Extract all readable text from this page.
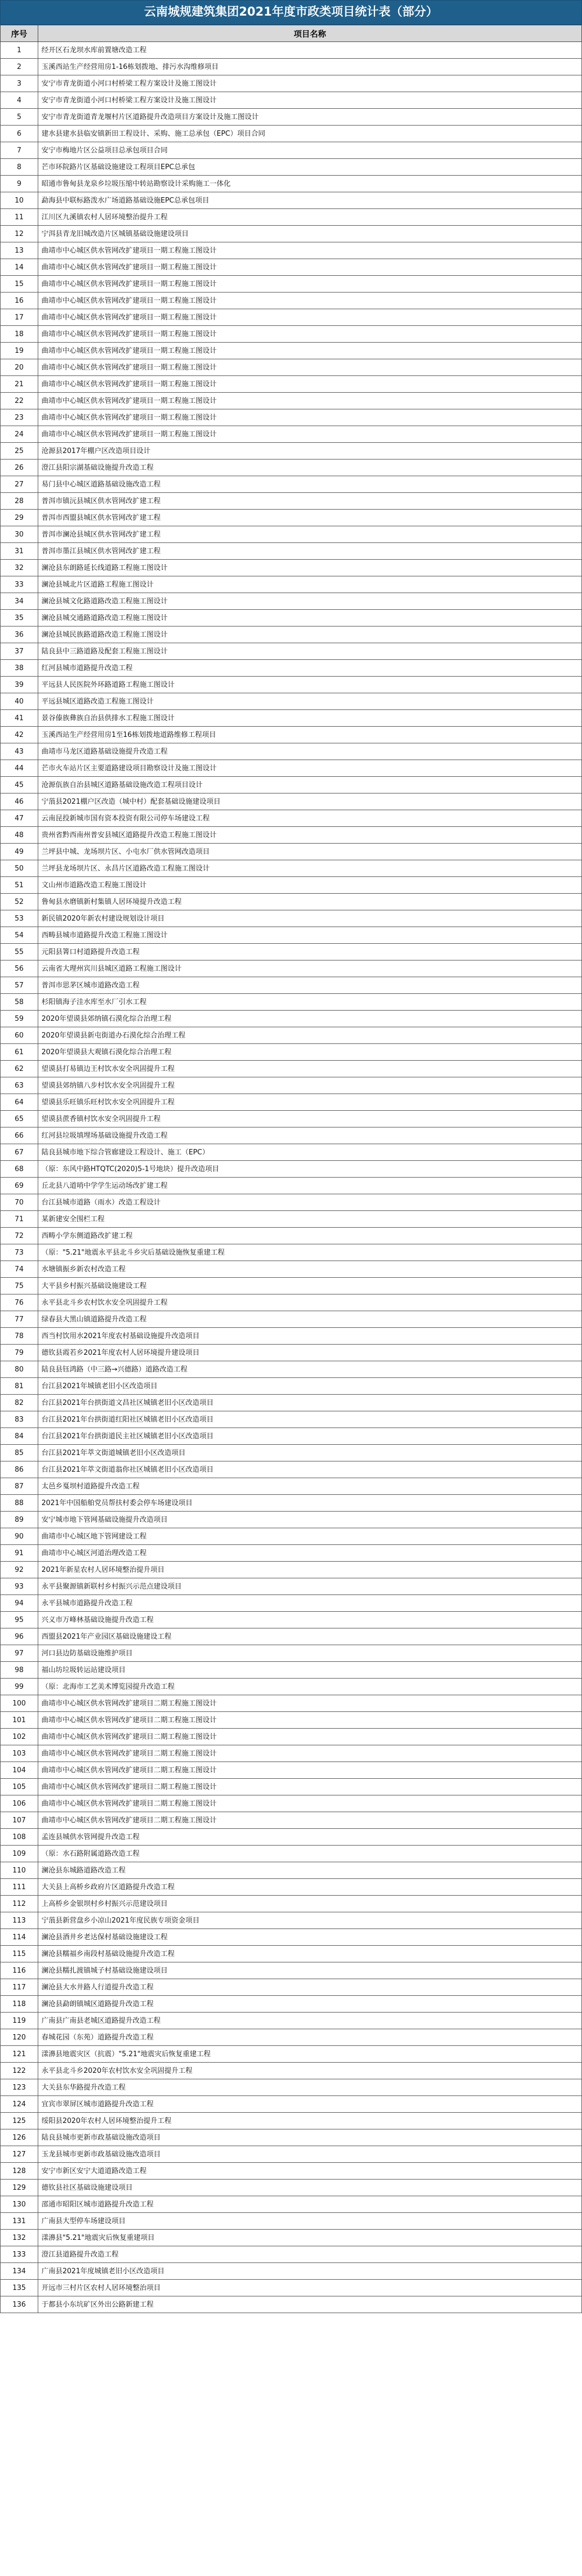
云南城规建筑集团2021年度市政类项目统计表（部分）
序号	项目名称
1	经开区石龙坝水库前置塘改造工程
2	玉溪西站生产经营用房1-16栋划拨地、排污水沟维修项目
3	安宁市青龙街道小河口村桥梁工程方案设计及施工图设计
4	安宁市青龙街道小河口村桥梁工程方案设计及施工图设计
5	安宁市青龙街道青龙堰村片区道路提升改造项目方案设计及施工图设计
6	建水县建水县临安镇新田工程设计、采购、施工总承包（EPC）项目合同
7	安宁市梅地片区公益项目总承包项目合同
8	芒市环院路片区基础设施建设工程项目EPC总承包
9	昭通市鲁甸县龙泉乡垃圾压缩中转站勘察设计采购施工一体化
10	勐海县中联标路泼水广场道路基础设施EPC总承包项目
11	江川区九溪镇农村人居环境整治提升工程
12	宁洱县青龙旧城改造片区城镇基础设施建设项目
13	曲靖市中心城区供水管网改扩建项目一期工程施工图设计
14	曲靖市中心城区供水管网改扩建项目一期工程施工图设计
15	曲靖市中心城区供水管网改扩建项目一期工程施工图设计
16	曲靖市中心城区供水管网改扩建项目一期工程施工图设计
17	曲靖市中心城区供水管网改扩建项目一期工程施工图设计
18	曲靖市中心城区供水管网改扩建项目一期工程施工图设计
19	曲靖市中心城区供水管网改扩建项目一期工程施工图设计
20	曲靖市中心城区供水管网改扩建项目一期工程施工图设计
21	曲靖市中心城区供水管网改扩建项目一期工程施工图设计
22	曲靖市中心城区供水管网改扩建项目一期工程施工图设计
23	曲靖市中心城区供水管网改扩建项目一期工程施工图设计
24	曲靖市中心城区供水管网改扩建项目一期工程施工图设计
25	沧源县2017年棚户区改造项目设计
26	澄江县阳宗湖基础设施提升改造工程
27	易门县中心城区道路基础设施改造工程
28	普洱市镇沅县城区供水管网改扩建工程
29	普洱市西盟县城区供水管网改扩建工程
30	普洱市澜沧县城区供水管网改扩建工程
31	普洱市墨江县城区供水管网改扩建工程
32	澜沧县东朗路延长线道路工程施工图设计
33	澜沧县城北片区道路工程施工图设计
34	澜沧县城文化路道路改造工程施工图设计
35	澜沧县城交通路道路改造工程施工图设计
36	澜沧县城民族路道路改造工程施工图设计
37	陆良县中三路道路及配套工程施工图设计
38	红河县城市道路提升改造工程
39	平远县人民医院外环路道路工程施工图设计
40	平远县城区道路改造工程施工图设计
41	景谷傣族彝族自治县供排水工程施工图设计
42	玉溪西站生产经营用房1至16栋划拨地道路维修工程项目
43	曲靖市马龙区道路基础设施提升改造工程
44	芒市火车站片区主要道路建设项目勘察设计及施工图设计
45	沧源佤族自治县城区道路基础设施改造工程项目设计
46	宁蒗县2021棚户区改造（城中村）配套基础设施建设项目
47	云南昆投新城市国有资本投资有限公司停车场建设工程
48	贵州省黔西南州普安县城区道路提升改造工程施工图设计
49	兰坪县中城、龙场坝片区、小屯水厂供水管网改造项目
50	兰坪县龙场坝片区、永昌片区道路改造工程施工图设计
51	文山州市道路改造工程施工图设计
52	鲁甸县水磨镇新村集镇人居环境提升改造工程
53	新民镇2020年新农村建设规划设计项目
54	西畴县城市道路提升改造工程施工图设计
55	元阳县箐口村道路提升改造工程
56	云南省大理州宾川县城区道路工程施工图设计
57	普洱市思茅区城市道路改造工程
58	杉阳镇海子洼水库至水厂引水工程
59	2020年望谟县郊纳镇石漠化综合治理工程
60	2020年望谟县新屯街道办石漠化综合治理工程
61	2020年望谟县大观镇石漠化综合治理工程
62	望谟县打易镇边王村饮水安全巩固提升工程
63	望谟县郊纳镇八步村饮水安全巩固提升工程
64	望谟县乐旺镇乐旺村饮水安全巩固提升工程
65	望谟县蔗香镇村饮水安全巩固提升工程
66	红河县垃圾填埋场基础设施提升改造工程
67	陆良县城市地下综合管廊建设工程设计、施工（EPC）
68	（原：东风中路HTQTC(2020)5-1号地块）提升改造项目
69	丘北县八道哨中学学生运动场改扩建工程
70	台江县城市道路（雨水）改造工程设计
71	某新建安全围栏工程
72	西畴小学东侧道路改扩建工程
73	（原："5.21"地震永平县北斗乡灾后基础设施恢复重建工程
74	水塘镇振乡新农村改造工程
75	大平县乡村振兴基础设施建设工程
76	永平县北斗乡农村饮水安全巩固提升工程
77	绿春县大黑山镇道路提升改造工程
78	西当村饮用水2021年度农村基础设施提升改造项目
79	德钦县霞若乡2021年度农村人居环境提升建设项目
80	陆良县钰鸿路（中三路→兴德路）道路改造工程
81	台江县2021年城镇老旧小区改造项目
82	台江县2021年台拱街道文昌社区城镇老旧小区改造项目
83	台江县2021年台拱街道红阳社区城镇老旧小区改造项目
84	台江县2021年台拱街道民主社区城镇老旧小区改造项目
85	台江县2021年萃文街道城镇老旧小区改造项目
86	台江县2021年萃文街道翁你社区城镇老旧小区改造项目
87	太邑乡戛坝村道路提升改造工程
88	2021年中国船舶党员帮扶村委会停车场建设项目
89	安宁城市地下管网基础设施提升改造项目
90	曲靖市中心城区地下管网建设工程
91	曲靖市中心城区河道治理改造工程
92	2021年新星农村人居环境整治提升项目
93	永平县聚源镇新联村乡村振兴示范点建设项目
94	永平县城市道路提升改造工程
95	兴义市万峰林基础设施提升改造工程
96	西盟县2021年产业园区基础设施建设工程
97	河口县边防基础设施维护项目
98	福山坊垃圾转运站建设项目
99	（原：北海市工艺美术博览园提升改造工程
100	曲靖市中心城区供水管网改扩建项目二期工程施工图设计
101	曲靖市中心城区供水管网改扩建项目二期工程施工图设计
102	曲靖市中心城区供水管网改扩建项目二期工程施工图设计
103	曲靖市中心城区供水管网改扩建项目二期工程施工图设计
104	曲靖市中心城区供水管网改扩建项目二期工程施工图设计
105	曲靖市中心城区供水管网改扩建项目二期工程施工图设计
106	曲靖市中心城区供水管网改扩建项目二期工程施工图设计
107	曲靖市中心城区供水管网改扩建项目二期工程施工图设计
108	孟连县城供水管网提升改造工程
109	（原：水石路附属道路改造工程
110	澜沧县东城路道路改造工程
111	大关县上高桥乡政府片区道路提升改造工程
112	上高桥乡金银坝村乡村振兴示范建设项目
113	宁蒗县新营盘乡小凉山2021年度民族专项资金项目
114	澜沧县酒井乡老达保村基础设施建设工程
115	澜沧县糯福乡南段村基础设施提升改造工程
116	澜沧县糯扎渡镇城子村基础设施建设项目
117	澜沧县大水井路人行道提升改造工程
118	澜沧县勐朗镇城区道路提升改造工程
119	广南县广南县老城区道路提升改造工程
120	春城花园（东苑）道路提升改造工程
121	漾濞县地震灾区（抗震）"5.21"地震灾后恢复重建工程
122	永平县北斗乡2020年农村饮水安全巩固提升工程
123	大关县东华路提升改造工程
124	宜宾市翠屏区城市道路提升改造工程
125	绥阳县2020年农村人居环境整治提升工程
126	陆良县城市更新市政基础设施改造项目
127	玉龙县城市更新市政基础设施改造项目
128	安宁市新区安宁大道道路改造工程
129	德钦县社区基础设施建设项目
130	邵通市昭阳区城市道路提升改造工程
131	广南县大型停车场建设项目
132	漾濞县"5.21"地震灾后恢复重建项目
133	澄江县道路提升改造工程
134	广南县2021年度城镇老旧小区改造项目
135	开远市三村片区农村人居环境整治项目
136	于都县小东坑矿区外出公路新建工程
